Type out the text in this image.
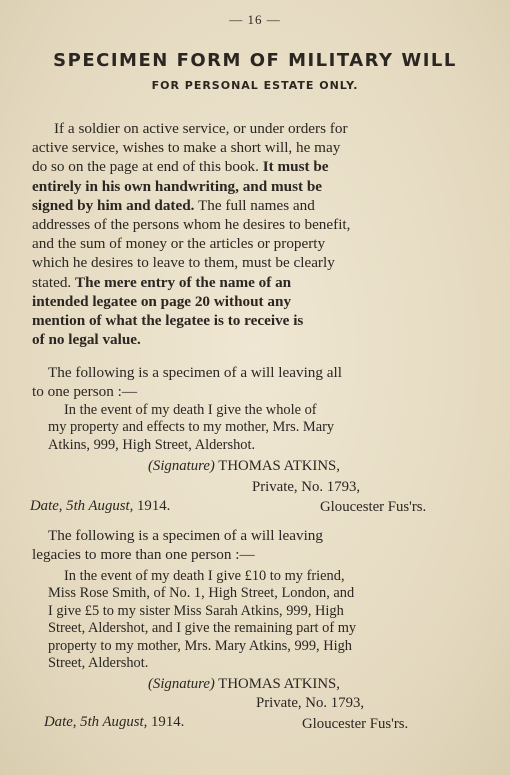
— 16 —
SPECIMEN FORM OF MILITARY WILL
FOR PERSONAL ESTATE ONLY.

If a soldier on active service, or under orders for
active service, wishes to make a short will, he may
do so on the page at end of this book. It must be
entirely in his own handwriting, and must be
signed by him and dated. The full names and
addresses of the persons whom he desires to benefit,
and the sum of money or the articles or property
which he desires to leave to them, must be clearly
stated. The mere entry of the name of an
intended legatee on page 20 without any
mention of what the legatee is to receive is
of no legal value.

The following is a specimen of a will leaving all
to one person :—

In the event of my death I give the whole of
my property and effects to my mother, Mrs. Mary
Atkins, 999, High Street, Aldershot.

(Signature) THOMAS ATKINS,
Private, No. 1793,
Date, 5th August, 1914.	Gloucester Fus'rs.

The following is a specimen of a will leaving
legacies to more than one person :—

In the event of my death I give £10 to my friend,
Miss Rose Smith, of No. 1, High Street, London, and
I give £5 to my sister Miss Sarah Atkins, 999, High
Street, Aldershot, and I give the remaining part of my
property to my mother, Mrs. Mary Atkins, 999, High
Street, Aldershot.

(Signature) THOMAS ATKINS,
Private, No. 1793,
Date, 5th August, 1914.	Gloucester Fus'rs.
